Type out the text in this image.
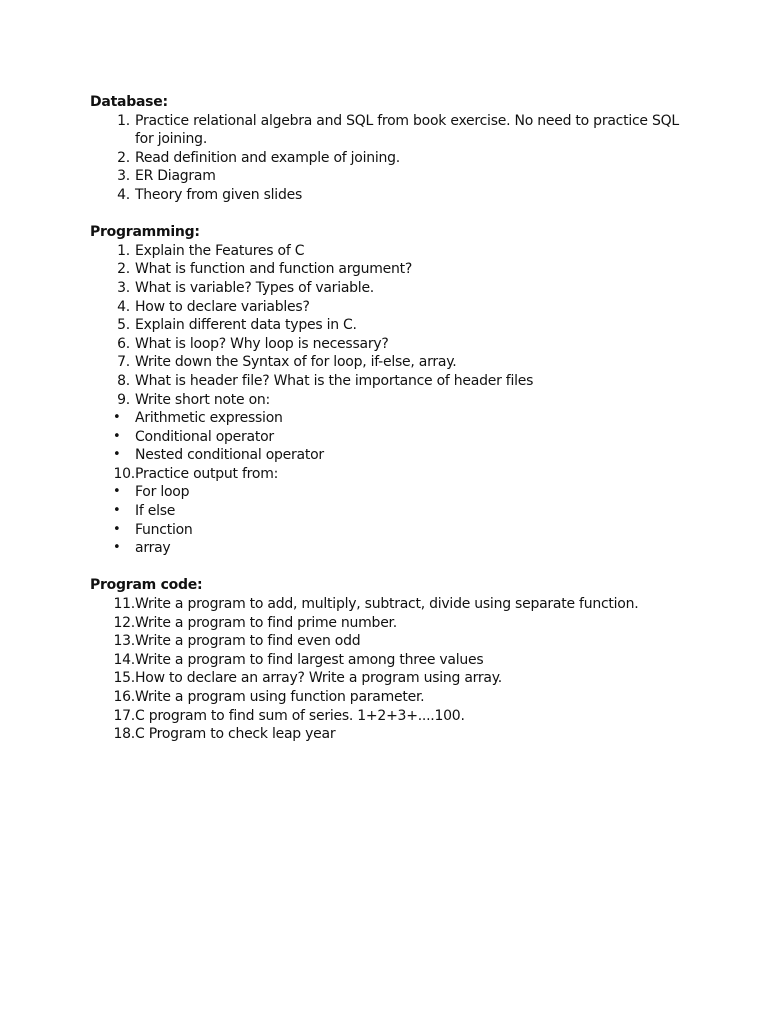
Database:

1. Practice relational algebra and SQL from book exercise. No need to practice SQL for joining.
2. Read definition and example of joining.
3. ER Diagram
4. Theory from given slides

Programming:

1. Explain the Features of C
2. What is function and function argument?
3. What is variable? Types of variable.
4. How to declare variables?
5. Explain different data types in C.
6. What is loop? Why loop is necessary?
7. Write down the Syntax of for loop, if-else, array.
8. What is header file? What is the importance of header files
9. Write short note on:
• Arithmetic expression
• Conditional operator
• Nested conditional operator
10. Practice output from:
• For loop
• If else
• Function
• array

Program code:

11. Write a program to add, multiply, subtract, divide using separate function.
12. Write a program to find prime number.
13. Write a program to find even odd
14. Write a program to find largest among three values
15. How to declare an array? Write a program using array.
16. Write a program using function parameter.
17. C program to find sum of series. 1+2+3+....100.
18. C Program to check leap year
